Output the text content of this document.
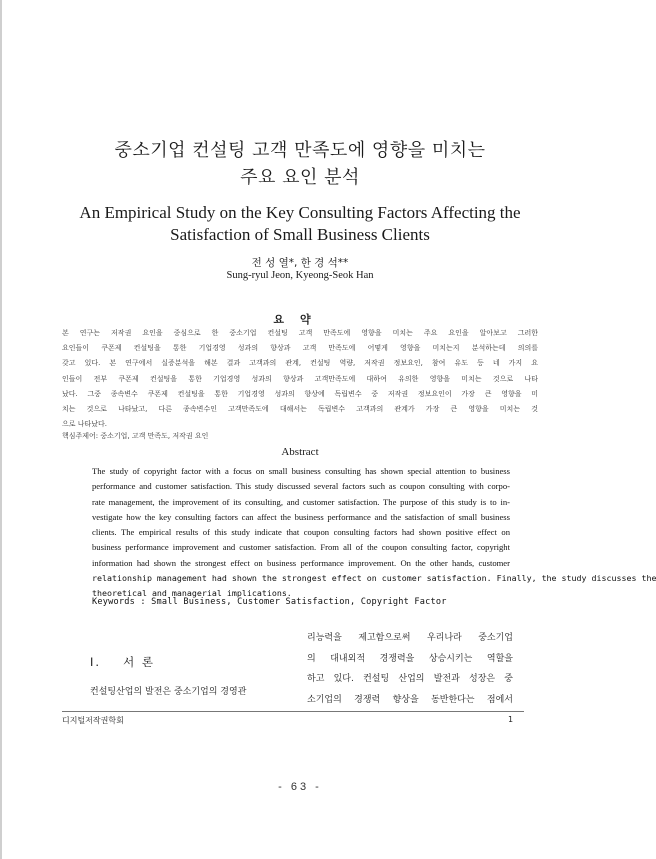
중소기업 컨설팅 고객 만족도에 영향을 미치는
주요 요인 분석
An Empirical Study on the Key Consulting Factors Affecting the
Satisfaction of Small Business Clients
전 성 열*, 한 경 석**
Sung-ryul Jeon, Kyeong-Seok Han
요약
본 연구는 저작권 요인을 중심으로 한 중소기업 컨설팅 고객 만족도에 영향을 미치는 주요 요인을 알아보고 그러한
요인들이 쿠폰제 컨설팅을 통한 기업경영 성과의 향상과 고객 만족도에 어떻게 영향을 미치는지 분석하는데 의의를
갖고 있다. 본 연구에서 실증분석을 해본 결과 고객과의 관계, 컨설팅 역량, 저작권 정보요인, 참여 유도 등 네 가지 요
인들이 전부 쿠폰제 컨설팅을 통한 기업경영 성과의 향상과 고객만족도에 대하여 유의한 영향을 미치는 것으로 나타
났다. 그중 종속변수 쿠폰제 컨설팅을 통한 기업경영 성과의 향상에 독립변수 중 저작권 정보요인이 가장 큰 영향을 미
치는 것으로 나타났고, 다른 종속변수인 고객만족도에 대해서는 독립변수 고객과의 관계가 가장 큰 영향을 미치는 것
으로 나타났다.
핵심주제어: 중소기업, 고객 만족도, 저작권 요인
Abstract
The study of copyright factor with a focus on small business consulting has shown special attention to business
performance and customer satisfaction. This study discussed several factors such as coupon consulting with corpo-
rate management, the improvement of its consulting, and customer satisfaction. The purpose of this study is to in-
vestigate how the key consulting factors can affect the business performance and the satisfaction of small business
clients. The empirical results of this study indicate that coupon consulting factors had shown positive effect on
business performance improvement and customer satisfaction. From all of the coupon consulting factor, copyright
information had shown the strongest effect on business performance improvement. On the other hands, customer
relationship management had shown the strongest effect on customer satisfaction. Finally, the study discusses the
theoretical and managerial implications.
Keywords : Small Business, Customer Satisfaction, Copyright Factor
Ⅰ. 서 론
컨설팅산업의 발전은 중소기업의 경영관
리능력을 제고함으로써 우리나라 중소기업
의 대내외적 경쟁력을 상승시키는 역할을
하고 있다. 컨설팅 산업의 발전과 성장은 중
소기업의 경쟁력 향상을 동반한다는 점에서
디지털저작권학회	1
- 63 -
